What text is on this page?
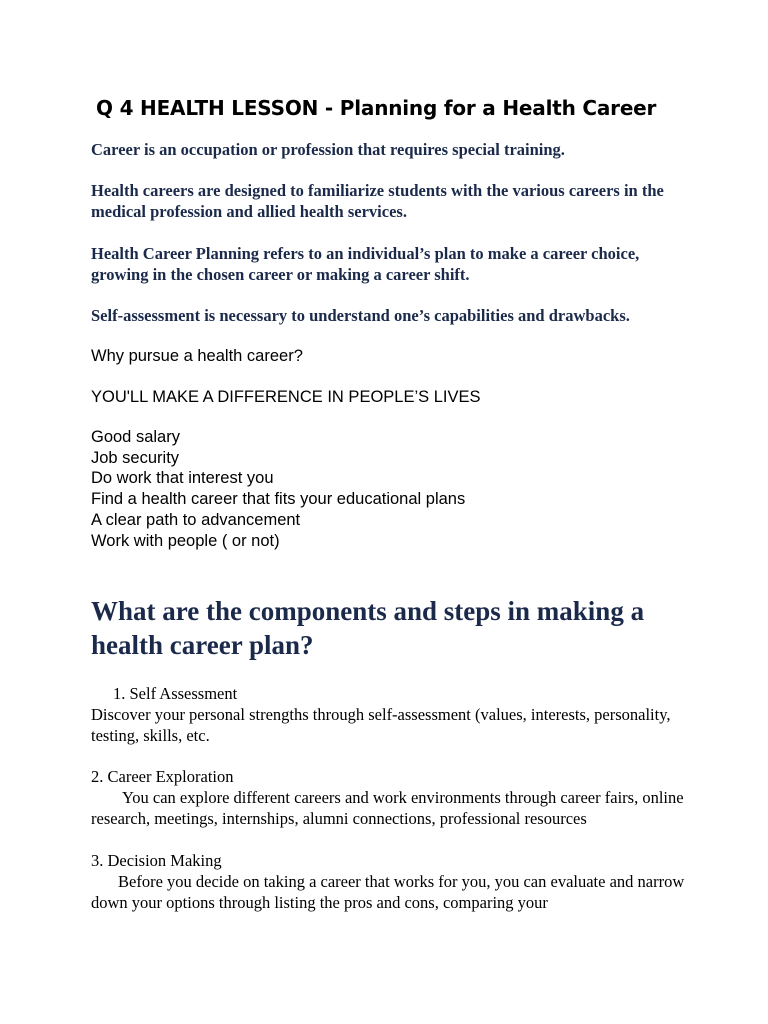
Q 4 HEALTH LESSON - Planning for a Health Career

Career is an occupation or profession that requires special training.

Health careers are designed to familiarize students with the various careers in the medical profession and allied health services.

Health Career Planning refers to an individual’s plan to make a career choice, growing in the chosen career or making a career shift.

Self-assessment is necessary to understand one’s capabilities and drawbacks.

Why pursue a health career?

YOU'LL MAKE A DIFFERENCE IN PEOPLE’S LIVES

Good salary
Job security
Do work that interest you
Find a health career that fits your educational plans
A clear path to advancement
Work with people ( or not)
What are the components and steps in making a health career plan?

1. Self Assessment

Discover your personal strengths through self-assessment (values, interests, personality, testing, skills, etc.

2. Career Exploration

You can explore different careers and work environments through career fairs, online research, meetings, internships, alumni connections, professional resources

3. Decision Making

Before you decide on taking a career that works for you, you can evaluate and narrow down your options through listing the pros and cons, comparing your
